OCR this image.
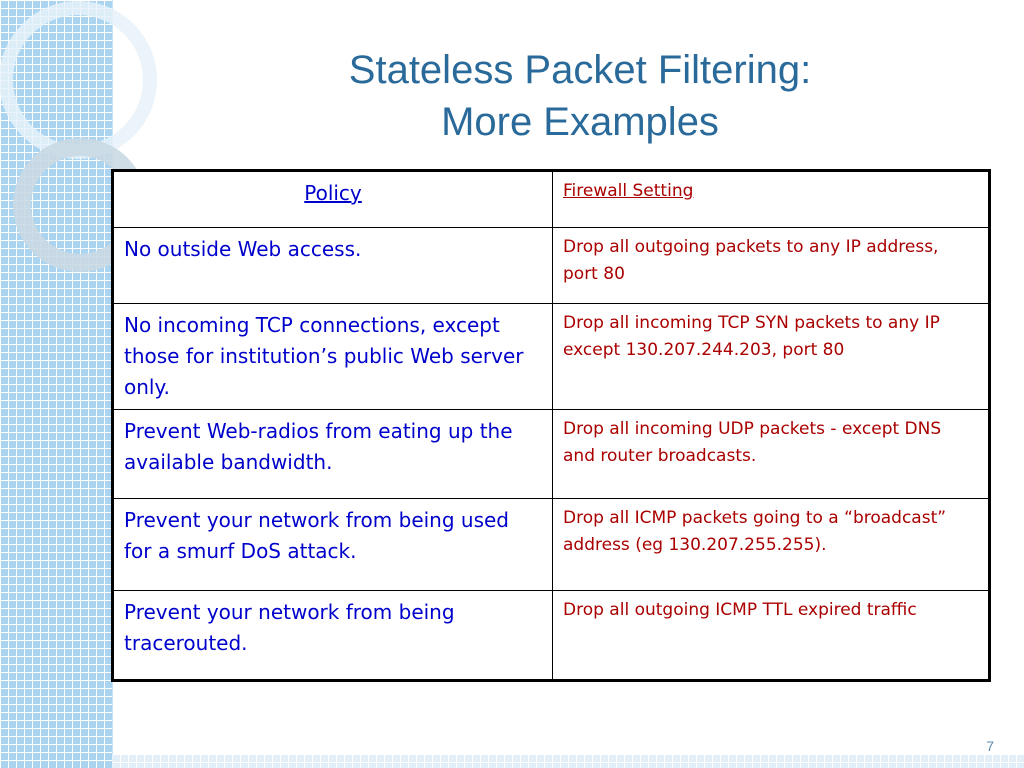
Stateless Packet Filtering:
More Examples
Policy	Firewall Setting
No outside Web access.	Drop all outgoing packets to any IP address, port 80
No incoming TCP connections, except those for institution’s public Web server only.	Drop all incoming TCP SYN packets to any IP except 130.207.244.203, port 80
Prevent Web-radios from eating up the available bandwidth.	Drop all incoming UDP packets - except DNS and router broadcasts.
Prevent your network from being used for a smurf DoS attack.	Drop all ICMP packets going to a “broadcast” address (eg 130.207.255.255).
Prevent your network from being tracerouted.	Drop all outgoing ICMP TTL expired traffic
7
